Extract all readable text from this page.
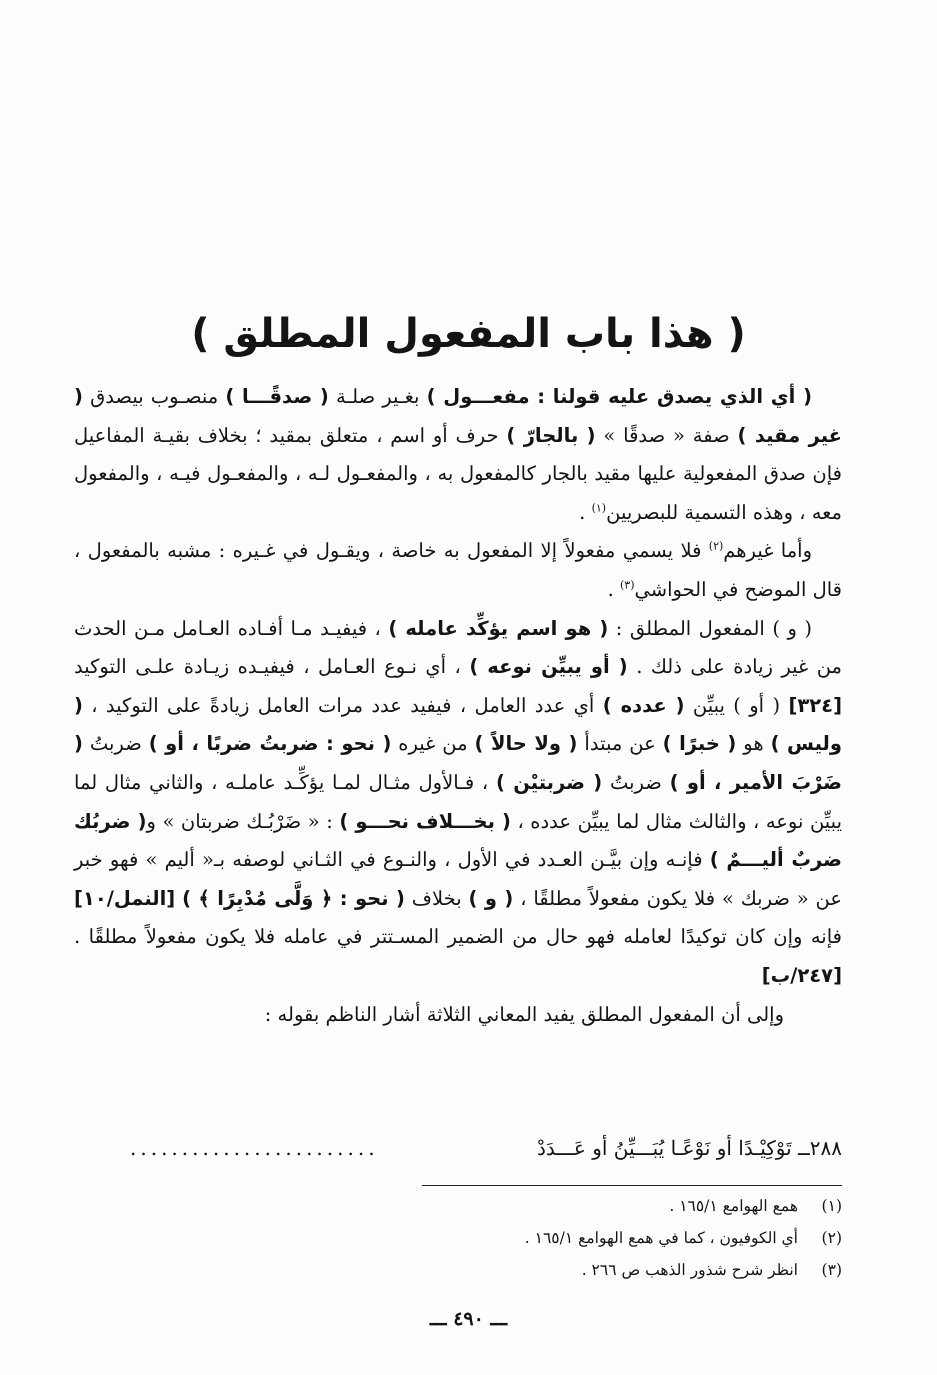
( هذا باب المفعول المطلق )

( أي الذي يصدق عليه قولنا : مفعـــول ) بغـير صلـة ( صدقًـــا ) منصـوب بيصدق ( غير مقيد ) صفة « صدقًا » ( بالجارّ ) حرف أو اسم ، متعلق بمقيد ؛ بخلاف بقيـة المفاعيل فإن صدق المفعولية عليها مقيد بالجار كالمفعول به ، والمفعـول لـه ، والمفعـول فيـه ، والمفعول معه ، وهذه التسمية للبصريين$^{(١)}$ .

وأما غيرهم$^{(٢)}$ فلا يسمي مفعولاً إلا المفعول به خاصة ، ويقـول في غـيره : مشبه بالمفعول ، قال الموضح في الحواشي$^{(٣)}$ .

( و ) المفعول المطلق : ( هو اسم يؤكِّد عامله ) ، فيفيـد مـا أفـاده العـامل مـن الحدث من غير زيادة على ذلك . ( أو يبيِّن نوعه ) ، أي نـوع العـامل ، فيفيـده زيـادة علـى التوكيد [٣٢٤] ( أو ) يبيِّن ( عدده ) أي عدد العامل ، فيفيد عدد مرات العامل زيادةً على التوكيد ، ( وليس ) هو ( خبرًا ) عن مبتدأ ( ولا حالاً ) من غيره ( نحو : ضربتُ ضربًا ، أو ) ضربتُ ( ضَرْبَ الأمير ، أو ) ضربتُ ( ضربتيْن ) ، فـالأول مثـال لمـا يؤكِّـد عاملـه ، والثاني مثال لما يبيِّن نوعه ، والثالث مثال لما يبيِّن عدده ، ( بخـــلاف نحـــو ) : « ضَرْبُـك ضربتان » و( ضربُك ضربٌ أليـــمٌ ) فإنـه وإن بيَّـن العـدد في الأول ، والنـوع في الثـاني لوصفه بـ« أليم » فهو خبر عن « ضربك » فلا يكون مفعولاً مطلقًا ، ( و ) بخلاف ( نحو : ﴿ وَلَّى مُدْبِرًا ﴾ ) [النمل/١٠] فإنه وإن كان توكيدًا لعامله فهو حال من الضمير المسـتتر في عامله فلا يكون مفعولاً مطلقًا . [٢٤٧/ب]

وإلى أن المفعول المطلق يفيد المعاني الثلاثة أشار الناظم بقوله :

٢٨٨ــ تَوْكِيْـدًا أو نَوْعًـا يُبَـــيِّنُ أو عَـــدَدْ
........................
(١)
همع الهوامع ١٦٥/١ .
(٢)
أي الكوفيون ، كما في همع الهوامع ١٦٥/١ .
(٣)
انظر شرح شذور الذهب ص ٢٦٦ .
ـــ ٤٩٠ ـــ
